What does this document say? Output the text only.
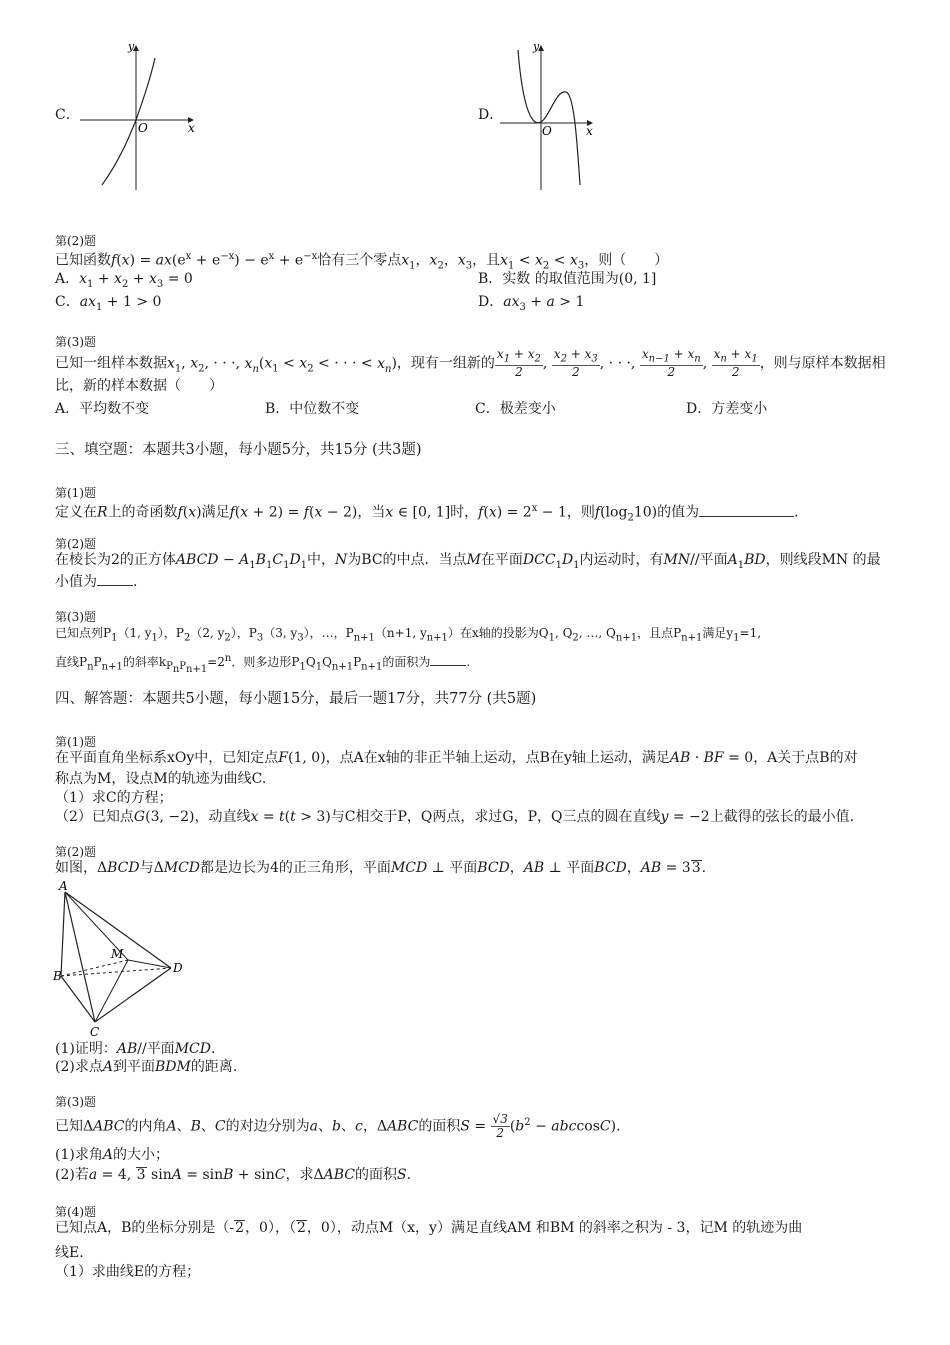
C．
O	x
y
D．
O	x
y
第(2)题
已知函数$f(x) = ax(e^x + e^{-x}) - e^x + e^{-x}$恰有三个零点$x_1$，$x_2$，$x_3$，且$x_1 < x_2 < x_3$，则（　　）
A．$x_1 + x_2 + x_3 = 0$	B．实数 的取值范围为(0, 1]
C．$ax_1 + 1 > 0$	D．$ax_3 + a > 1$
第(3)题
已知一组样本数据$x_1$, $x_2$, · · ·, $x_n(x_1 < x_2$ < · · · < $x_n$)，现有一组新的 $\frac{x_1 + x_2}{2}$ , $\frac{x_2 + x_3}{2}$ , · · ·, $\frac{x_{n-1} + x_n}{2}$ , $\frac{x_n + x_1}{2}$ ，则与原样本数据相
比，新的样本数据（　　）
A．平均数不变	B．中位数不变	C．极差变小	D．方差变小
三、填空题：本题共3小题，每小题5分，共15分 (共3题)
第(1)题
定义在R上的奇函数f(x)满足f(x + 2) = f(x − 2)，当x ∈ [0, 1]时，$f(x) = 2^x - 1$，则$f(\log_210)$的值为	.
第(2)题
在棱长为2的正方体ABCD − $A_1B_1C_1D_1$中，N为BC的中点．当点M在平面$DCC_1D_1$内运动时，有MN//平面$A_1BD$，则线段MN 的最
小值为	.
第(3)题
已知点列$P_1(1$, $y_1$），$P_2(2$, $y_2$），$P_3(3$, $y_3$），…，$P_{n+1}(n+1$, $y_{n+1}$）在x轴的投影为$Q_1$, $Q_2$, …, $Q_{n+1}$，且点$P_{n+1}$满足$y_1=1$,
直线$P_nP_{n+1}$的斜率$k_{P_nP_{n+1}}=2^n$．则多边形$P_1Q_1Q_{n+1}P_{n+1}$的面积为	.
四、解答题：本题共5小题，每小题15分，最后一题17分，共77分 (共5题)
第(1)题
在平面直角坐标系xOy中，已知定点F(1, 0)，点A在x轴的非正半轴上运动，点B在y轴上运动，满足AB · BF = 0，A关于点B的对
称点为M，设点M的轨迹为曲线C.
（1）求C的方程；
（2）已知点G(3, −2)，动直线x = t(t > 3)与C相交于P，Q两点，求过G，P，Q三点的圆在直线y = −2上截得的弦长的最小值.
第(2)题
如图，ΔBCD与ΔMCD都是边长为4的正三角形，平面MCD ⊥ 平面BCD，AB ⊥ 平面BCD，AB = 33.
A
B
C
D
M
(1)证明：AB//平面MCD.
(2)求点A到平面BDM的距离.
第(3)题
已知ΔABC的内角A、B、C的对边分别为a、b、c，ΔABC的面积$S = \frac{√3}{2} (b^2 - abccosC)$.
(1)求角A的大小；
(2)若a = 4, 3 sinA = sinB + sinC，求ΔABC的面积S.
第(4)题
已知点A，B的坐标分别是（-2，0），（2，0），动点M（x，y）满足直线AM 和BM 的斜率之积为 - 3，记M 的轨迹为曲
线E.
（1）求曲线E的方程；
